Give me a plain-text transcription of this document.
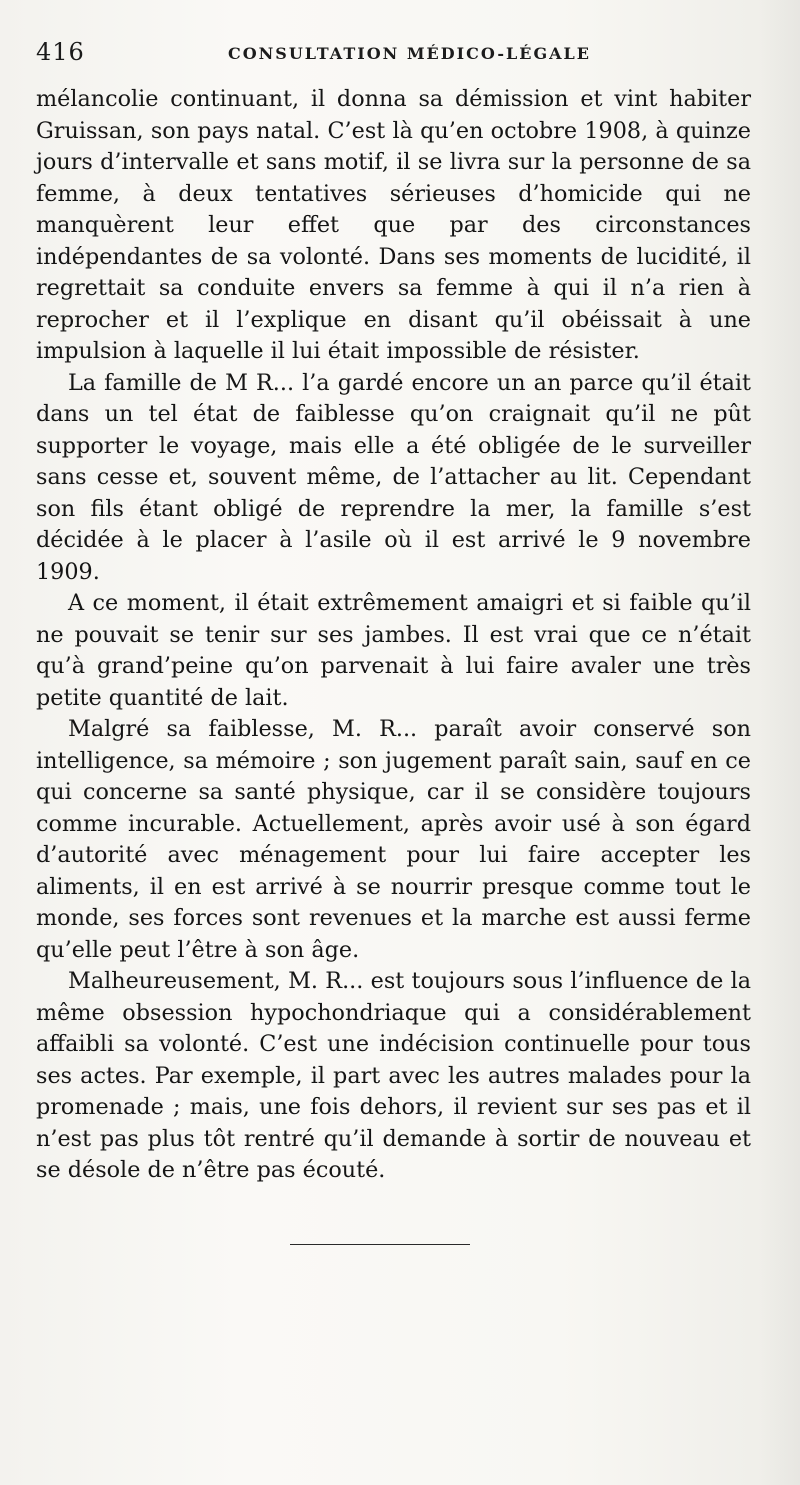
416	CONSULTATION MÉDICO-LÉGALE

mélancolie continuant, il donna sa démission et vint habiter Gruissan, son pays natal. C’est là qu’en octobre 1908, à quinze jours d’intervalle et sans motif, il se livra sur la personne de sa femme, à deux tentatives sérieuses d’homicide qui ne manquèrent leur effet que par des circonstances indépendantes de sa volonté. Dans ses moments de lucidité, il regrettait sa conduite envers sa femme à qui il n’a rien à reprocher et il l’explique en disant qu’il obéissait à une impulsion à laquelle il lui était impossible de résister.

La famille de M R... l’a gardé encore un an parce qu’il était dans un tel état de faiblesse qu’on craignait qu’il ne pût supporter le voyage, mais elle a été obligée de le surveiller sans cesse et, souvent même, de l’attacher au lit. Cependant son fils étant obligé de reprendre la mer, la famille s’est décidée à le placer à l’asile où il est arrivé le 9 novembre 1909.

A ce moment, il était extrêmement amaigri et si faible qu’il ne pouvait se tenir sur ses jambes. Il est vrai que ce n’était qu’à grand’peine qu’on parvenait à lui faire avaler une très petite quantité de lait.

Malgré sa faiblesse, M. R... paraît avoir conservé son intelligence, sa mémoire ; son jugement paraît sain, sauf en ce qui concerne sa santé physique, car il se considère toujours comme incurable. Actuellement, après avoir usé à son égard d’autorité avec ménagement pour lui faire accepter les aliments, il en est arrivé à se nourrir presque comme tout le monde, ses forces sont revenues et la marche est aussi ferme qu’elle peut l’être à son âge.

Malheureusement, M. R... est toujours sous l’influence de la même obsession hypochondriaque qui a considérablement affaibli sa volonté. C’est une indécision continuelle pour tous ses actes. Par exemple, il part avec les autres malades pour la promenade ; mais, une fois dehors, il revient sur ses pas et il n’est pas plus tôt rentré qu’il demande à sortir de nouveau et se désole de n’être pas écouté.
